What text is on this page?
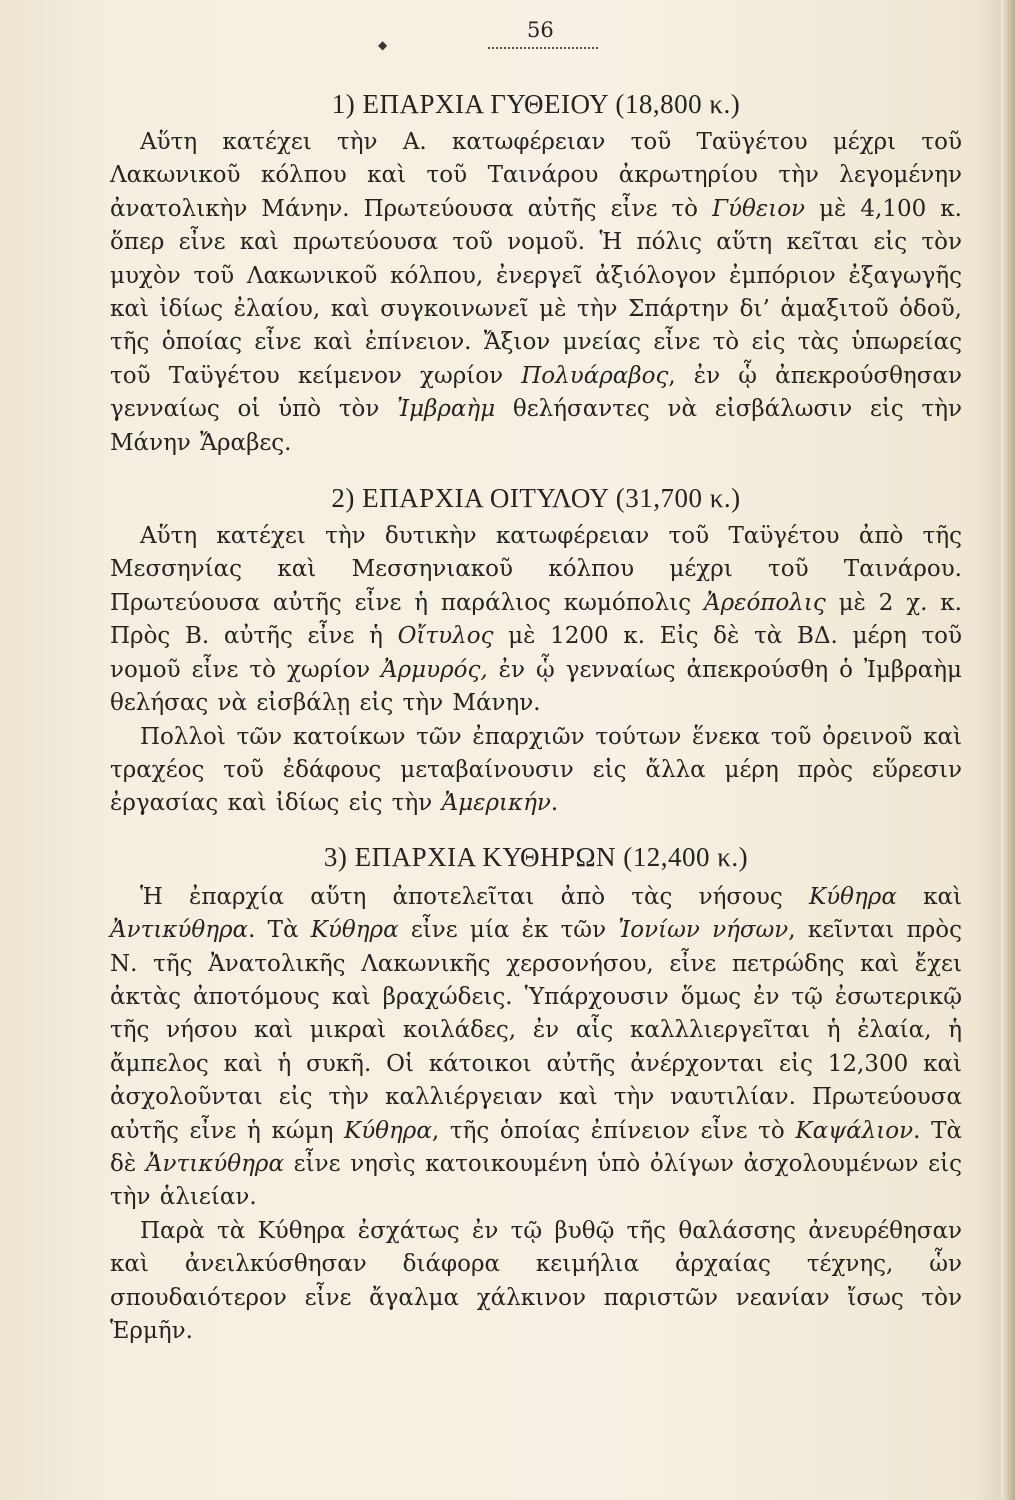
◆
56
1) ΕΠΑΡΧΙΑ ΓΥΘΕΙΟΥ (18,800 κ.)

Αὕτη κατέχει τὴν Α. κατωφέρειαν τοῦ Ταϋγέτου μέχρι τοῦ Λακωνικοῦ κόλπου καὶ τοῦ Ταινάρου ἀκρωτηρίου τὴν λεγομένην ἀνατολικὴν Μάνην. Πρωτεύουσα αὐτῆς εἶνε τὸ Γύθειον μὲ 4,100 κ. ὅπερ εἶνε καὶ πρωτεύουσα τοῦ νομοῦ. Ἡ πόλις αὕτη κεῖται εἰς τὸν μυχὸν τοῦ Λακωνικοῦ κόλπου, ἐνεργεῖ ἀξιόλογον ἐμπόριον ἐξαγωγῆς καὶ ἰδίως ἐλαίου, καὶ συγκοινωνεῖ μὲ τὴν Σπάρτην δι’ ἁμαξιτοῦ ὁδοῦ, τῆς ὁποίας εἶνε καὶ ἐπίνειον. Ἄξιον μνείας εἶνε τὸ εἰς τὰς ὑπωρείας τοῦ Ταϋγέτου κείμενον χωρίον Πολυάραβος, ἐν ᾧ ἀπεκρούσθησαν γενναίως οἱ ὑπὸ τὸν Ἰμβραὴμ θελήσαντες νὰ εἰσβάλωσιν εἰς τὴν Μάνην Ἄραβες.

2) ΕΠΑΡΧΙΑ ΟΙΤΥΛΟΥ (31,700 κ.)

Αὕτη κατέχει τὴν δυτικὴν κατωφέρειαν τοῦ Ταϋγέτου ἀπὸ τῆς Μεσσηνίας καὶ Μεσσηνιακοῦ κόλπου μέχρι τοῦ Ταινάρου. Πρωτεύουσα αὐτῆς εἶνε ἡ παράλιος κωμόπολις Ἀρεόπολις μὲ 2 χ. κ. Πρὸς Β. αὐτῆς εἶνε ἡ Οἴτυλος μὲ 1200 κ. Εἰς δὲ τὰ ΒΔ. μέρη τοῦ νομοῦ εἶνε τὸ χωρίον Ἀρμυρός, ἐν ᾧ γενναίως ἀπεκρούσθη ὁ Ἰμβραὴμ θελήσας νὰ εἰσβάλῃ εἰς τὴν Μάνην.

Πολλοὶ τῶν κατοίκων τῶν ἐπαρχιῶν τούτων ἕνεκα τοῦ ὀρεινοῦ καὶ τραχέος τοῦ ἐδάφους μεταβαίνουσιν εἰς ἄλλα μέρη πρὸς εὕρεσιν ἐργασίας καὶ ἰδίως εἰς τὴν Ἀμερικήν.

3) ΕΠΑΡΧΙΑ ΚΥΘΗΡΩΝ (12,400 κ.)

Ἡ ἐπαρχία αὕτη ἀποτελεῖται ἀπὸ τὰς νήσους Κύθηρα καὶ Ἀντικύθηρα. Τὰ Κύθηρα εἶνε μία ἐκ τῶν Ἰονίων νήσων, κεῖνται πρὸς Ν. τῆς Ἀνατολικῆς Λακωνικῆς χερσονήσου, εἶνε πετρώδης καὶ ἔχει ἀκτὰς ἀποτόμους καὶ βραχώδεις. Ὑπάρχουσιν ὅμως ἐν τῷ ἐσωτερικῷ τῆς νήσου καὶ μικραὶ κοιλάδες, ἐν αἷς καλλλιεργεῖται ἡ ἐλαία, ἡ ἄμπελος καὶ ἡ συκῆ. Οἱ κάτοικοι αὐτῆς ἀνέρχονται εἰς 12,300 καὶ ἀσχολοῦνται εἰς τὴν καλλιέργειαν καὶ τὴν ναυτιλίαν. Πρωτεύουσα αὐτῆς εἶνε ἡ κώμη Κύθηρα, τῆς ὁποίας ἐπίνειον εἶνε τὸ Καψάλιον. Τὰ δὲ Ἀντικύθηρα εἶνε νησὶς κατοικουμένη ὑπὸ ὀλίγων ἀσχολουμένων εἰς τὴν ἁλιείαν.

Παρὰ τὰ Κύθηρα ἐσχάτως ἐν τῷ βυθῷ τῆς θαλάσσης ἀνευρέθησαν καὶ ἀνειλκύσθησαν διάφορα κειμήλια ἀρχαίας τέχνης, ὧν σπουδαιότερον εἶνε ἄγαλμα χάλκινον παριστῶν νεανίαν ἴσως τὸν Ἑρμῆν.
